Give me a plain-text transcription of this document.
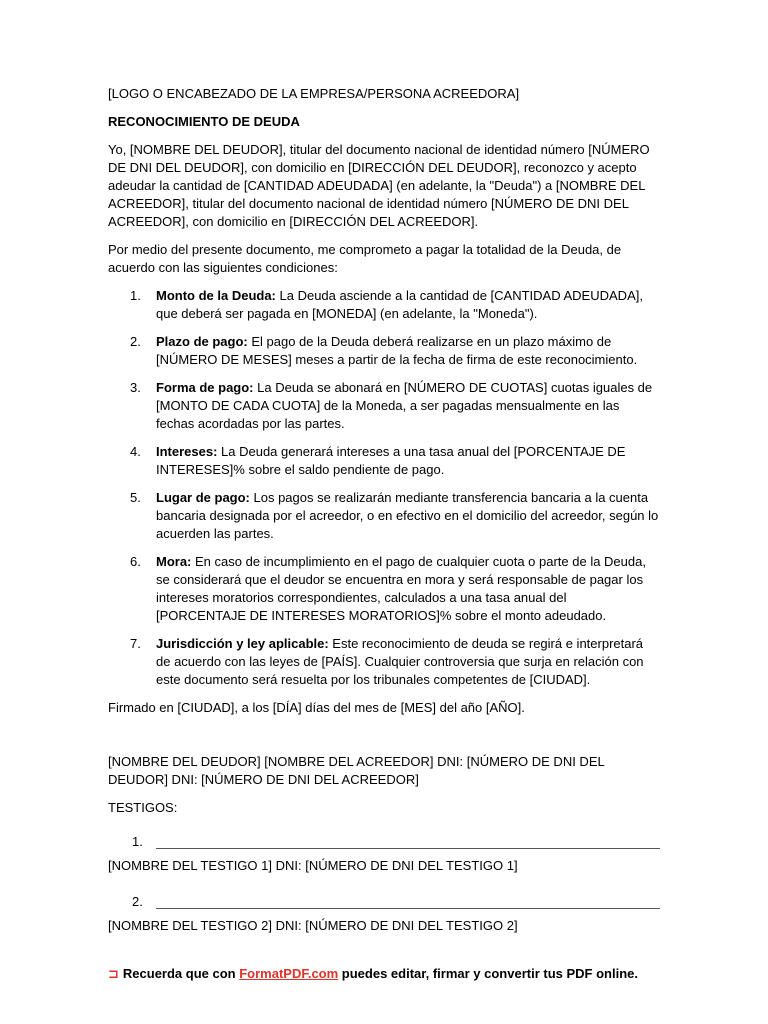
[LOGO O ENCABEZADO DE LA EMPRESA/PERSONA ACREEDORA]

RECONOCIMIENTO DE DEUDA

Yo, [NOMBRE DEL DEUDOR], titular del documento nacional de identidad número [NÚMERO DE DNI DEL DEUDOR], con domicilio en [DIRECCIÓN DEL DEUDOR], reconozco y acepto adeudar la cantidad de [CANTIDAD ADEUDADA] (en adelante, la "Deuda") a [NOMBRE DEL ACREEDOR], titular del documento nacional de identidad número [NÚMERO DE DNI DEL ACREEDOR], con domicilio en [DIRECCIÓN DEL ACREEDOR].

Por medio del presente documento, me comprometo a pagar la totalidad de la Deuda, de acuerdo con las siguientes condiciones:

1. Monto de la Deuda: La Deuda asciende a la cantidad de [CANTIDAD ADEUDADA], que deberá ser pagada en [MONEDA] (en adelante, la "Moneda").
2. Plazo de pago: El pago de la Deuda deberá realizarse en un plazo máximo de [NÚMERO DE MESES] meses a partir de la fecha de firma de este reconocimiento.
3. Forma de pago: La Deuda se abonará en [NÚMERO DE CUOTAS] cuotas iguales de [MONTO DE CADA CUOTA] de la Moneda, a ser pagadas mensualmente en las fechas acordadas por las partes.
4. Intereses: La Deuda generará intereses a una tasa anual del [PORCENTAJE DE INTERESES]% sobre el saldo pendiente de pago.
5. Lugar de pago: Los pagos se realizarán mediante transferencia bancaria a la cuenta bancaria designada por el acreedor, o en efectivo en el domicilio del acreedor, según lo acuerden las partes.
6. Mora: En caso de incumplimiento en el pago de cualquier cuota o parte de la Deuda, se considerará que el deudor se encuentra en mora y será responsable de pagar los intereses moratorios correspondientes, calculados a una tasa anual del [PORCENTAJE DE INTERESES MORATORIOS]% sobre el monto adeudado.
7. Jurisdicción y ley aplicable: Este reconocimiento de deuda se regirá e interpretará de acuerdo con las leyes de [PAÍS]. Cualquier controversia que surja en relación con este documento será resuelta por los tribunales competentes de [CIUDAD].

Firmado en [CIUDAD], a los [DÍA] días del mes de [MES] del año [AÑO].

[NOMBRE DEL DEUDOR] [NOMBRE DEL ACREEDOR] DNI: [NÚMERO DE DNI DEL DEUDOR] DNI: [NÚMERO DE DNI DEL ACREEDOR]

TESTIGOS:

1.

[NOMBRE DEL TESTIGO 1] DNI: [NÚMERO DE DNI DEL TESTIGO 1]

2.

[NOMBRE DEL TESTIGO 2] DNI: [NÚMERO DE DNI DEL TESTIGO 2]

⊐ Recuerda que con FormatPDF.com puedes editar, firmar y convertir tus PDF online.
